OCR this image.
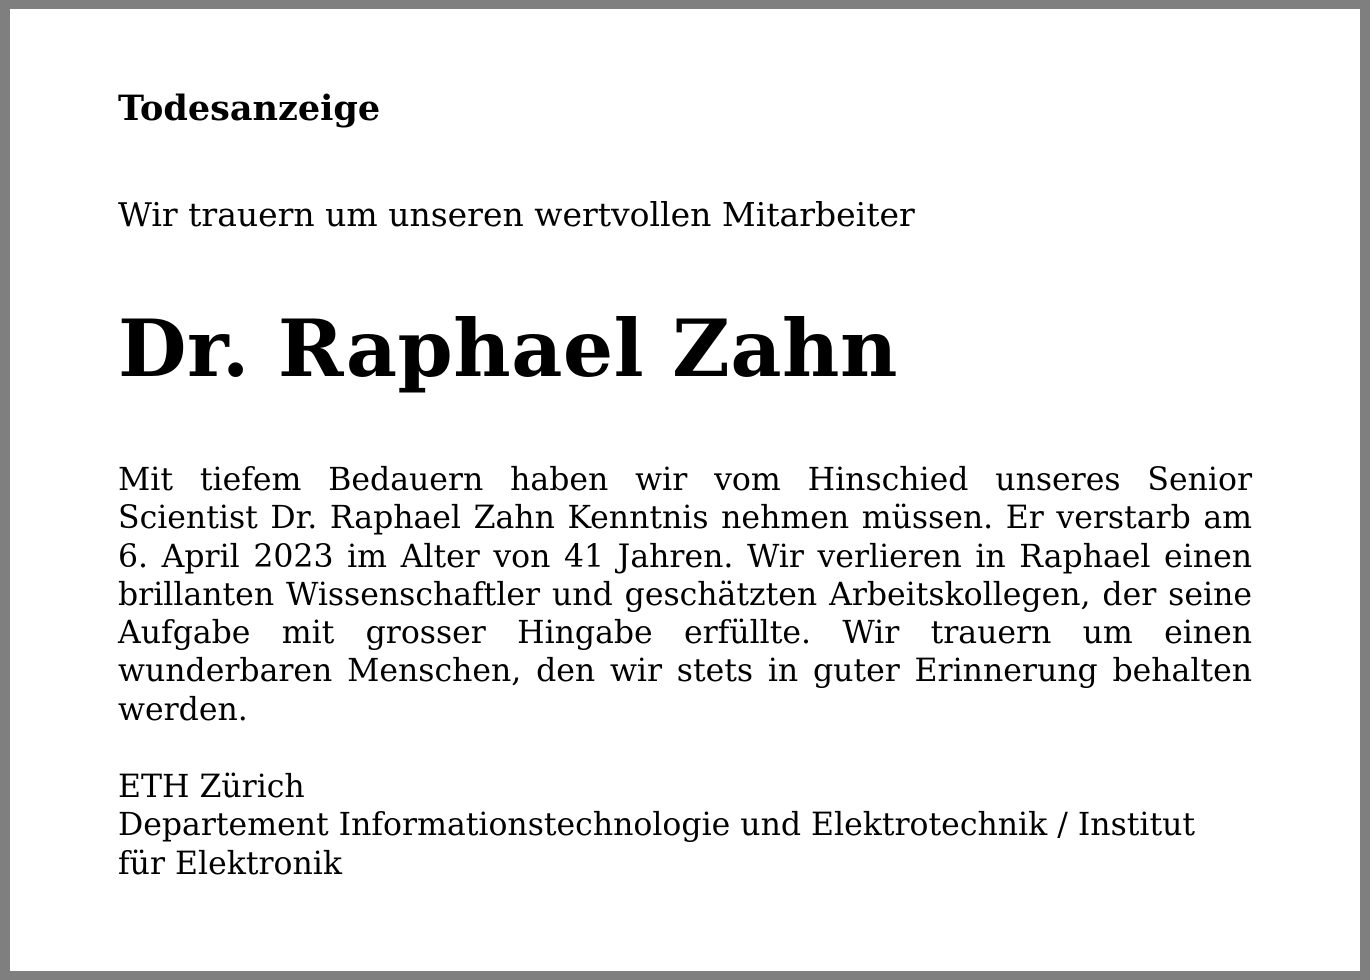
Todesanzeige

Wir trauern um unseren wertvollen Mitarbeiter

Dr. Raphael Zahn

Mit tiefem Bedauern haben wir vom Hinschied unseres Senior Scientist Dr. Raphael Zahn Kenntnis nehmen müssen. Er verstarb am 6. April 2023 im Alter von 41 Jahren. Wir verlieren in Raphael einen brillanten Wissenschaftler und geschätzten Arbeitskollegen, der seine Aufgabe mit grosser Hingabe erfüllte. Wir trauern um einen wunderbaren Menschen, den wir stets in guter Erinnerung behalten werden.

ETH Zürich
Departement Informationstechnologie und Elektrotechnik / Institut für Elektronik
